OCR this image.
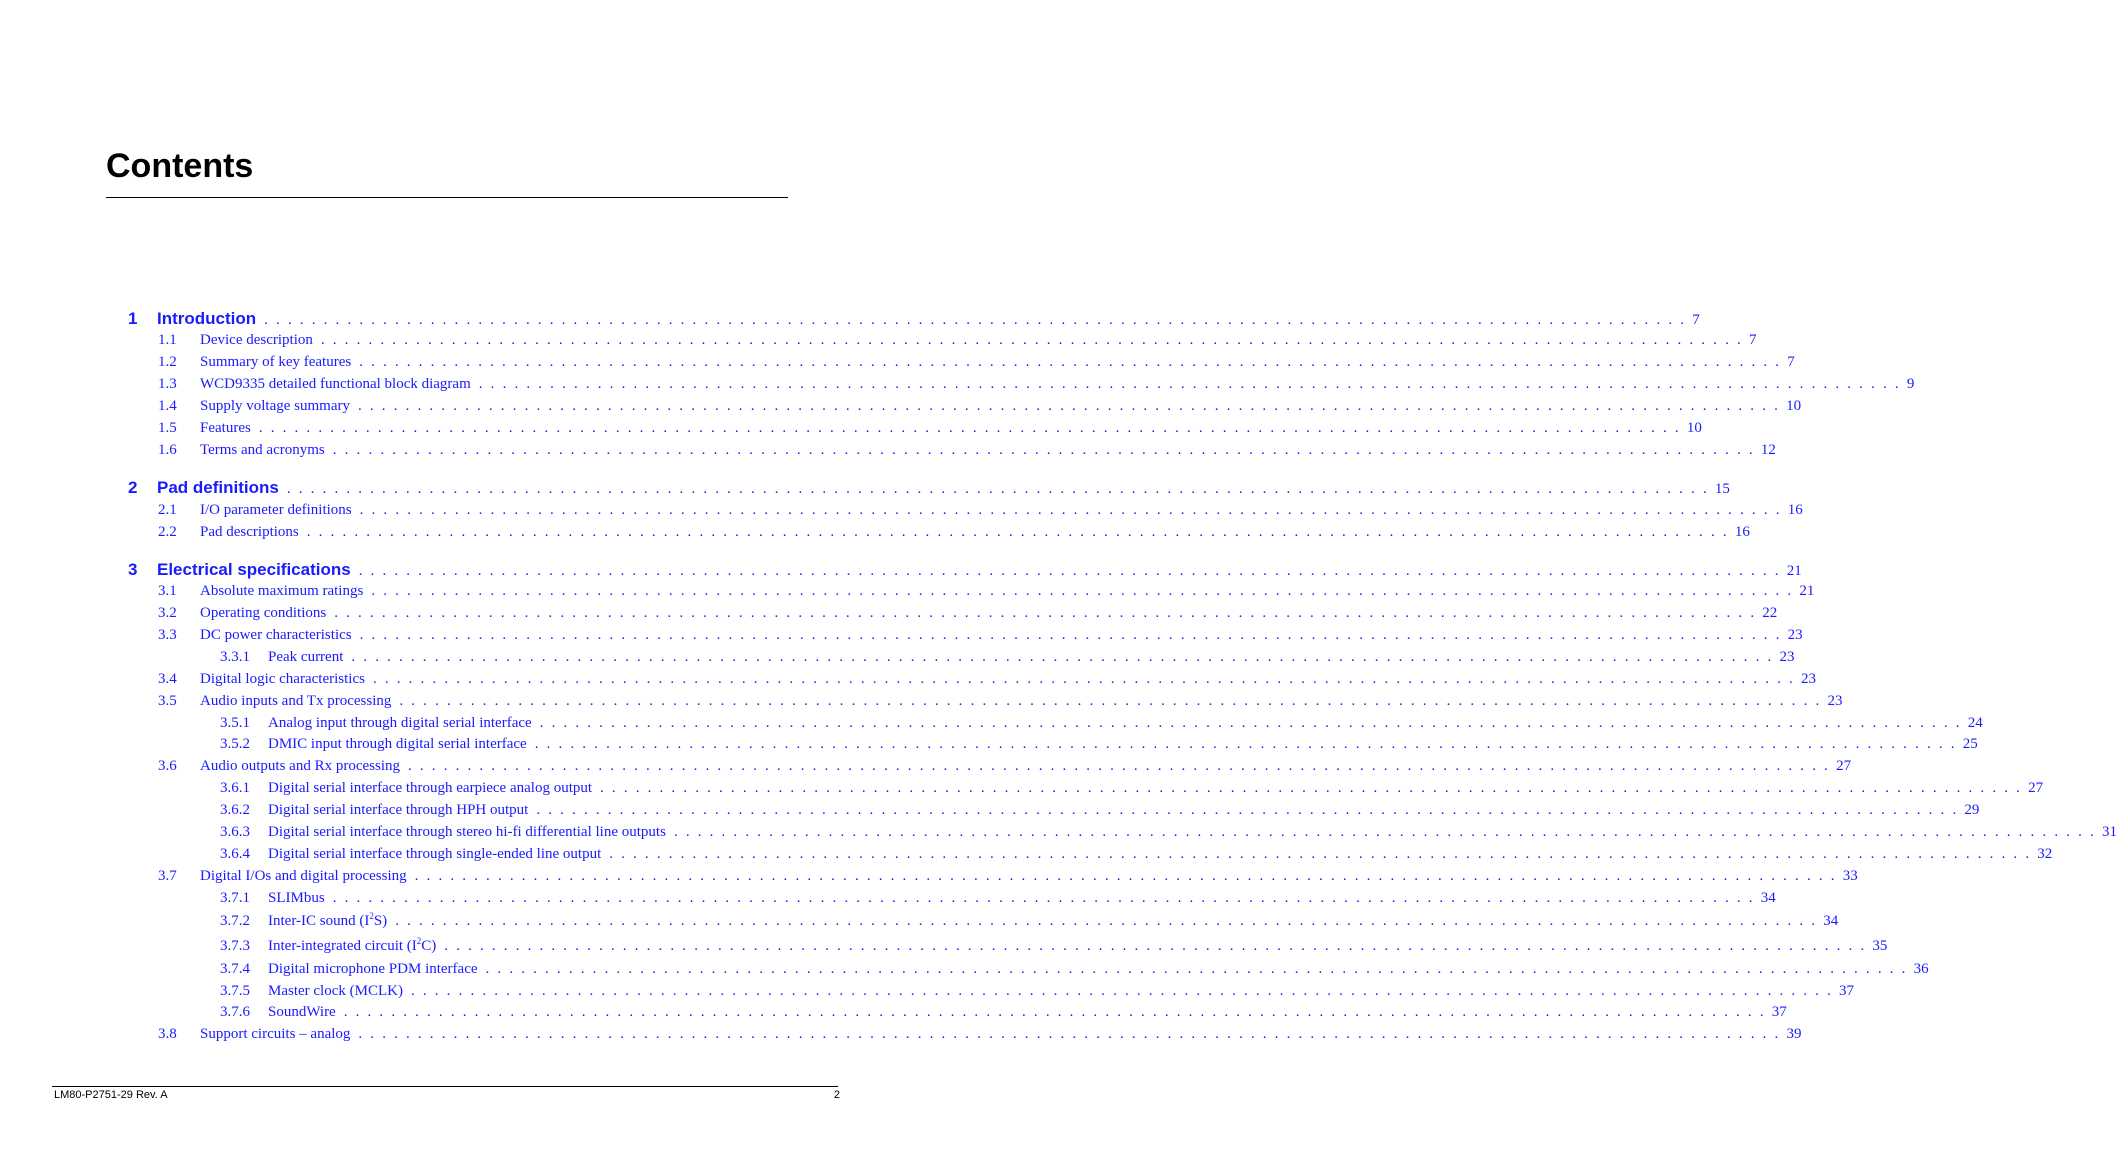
Contents
1	Introduction . . . . . . . . . . . . . . . . . . . . . . . . . . . . . . . . . . . . . . . . . . . . . . . . . . . . . . . . . . . . . . . . . . . . . . . . . . . . . . . . . . . . . . . . . . . . . . . . . . . . . . . . . . . . . . . . . . . . . . . . 7
1.1	Device description . . . . . . . . . . . . . . . . . . . . . . . . . . . . . . . . . . . . . . . . . . . . . . . . . . . . . . . . . . . . . . . . . . . . . . . . . . . . . . . . . . . . . . . . . . . . . . . . . . . . . . . . . . . . . . . . . . . . . . . . 7
1.2	Summary of key features . . . . . . . . . . . . . . . . . . . . . . . . . . . . . . . . . . . . . . . . . . . . . . . . . . . . . . . . . . . . . . . . . . . . . . . . . . . . . . . . . . . . . . . . . . . . . . . . . . . . . . . . . . . . . . . . . . . . . . . . 7
1.3	WCD9335 detailed functional block diagram . . . . . . . . . . . . . . . . . . . . . . . . . . . . . . . . . . . . . . . . . . . . . . . . . . . . . . . . . . . . . . . . . . . . . . . . . . . . . . . . . . . . . . . . . . . . . . . . . . . . . . . . . . . . . . . . . . . . . . . . 9
1.4	Supply voltage summary . . . . . . . . . . . . . . . . . . . . . . . . . . . . . . . . . . . . . . . . . . . . . . . . . . . . . . . . . . . . . . . . . . . . . . . . . . . . . . . . . . . . . . . . . . . . . . . . . . . . . . . . . . . . . . . . . . . . . . . . 10
1.5	Features . . . . . . . . . . . . . . . . . . . . . . . . . . . . . . . . . . . . . . . . . . . . . . . . . . . . . . . . . . . . . . . . . . . . . . . . . . . . . . . . . . . . . . . . . . . . . . . . . . . . . . . . . . . . . . . . . . . . . . . . 10
1.6	Terms and acronyms . . . . . . . . . . . . . . . . . . . . . . . . . . . . . . . . . . . . . . . . . . . . . . . . . . . . . . . . . . . . . . . . . . . . . . . . . . . . . . . . . . . . . . . . . . . . . . . . . . . . . . . . . . . . . . . . . . . . . . . . 12
2	Pad definitions . . . . . . . . . . . . . . . . . . . . . . . . . . . . . . . . . . . . . . . . . . . . . . . . . . . . . . . . . . . . . . . . . . . . . . . . . . . . . . . . . . . . . . . . . . . . . . . . . . . . . . . . . . . . . . . . . . . . . . . . 15
2.1	I/O parameter definitions . . . . . . . . . . . . . . . . . . . . . . . . . . . . . . . . . . . . . . . . . . . . . . . . . . . . . . . . . . . . . . . . . . . . . . . . . . . . . . . . . . . . . . . . . . . . . . . . . . . . . . . . . . . . . . . . . . . . . . . . 16
2.2	Pad descriptions . . . . . . . . . . . . . . . . . . . . . . . . . . . . . . . . . . . . . . . . . . . . . . . . . . . . . . . . . . . . . . . . . . . . . . . . . . . . . . . . . . . . . . . . . . . . . . . . . . . . . . . . . . . . . . . . . . . . . . . . 16
3	Electrical specifications . . . . . . . . . . . . . . . . . . . . . . . . . . . . . . . . . . . . . . . . . . . . . . . . . . . . . . . . . . . . . . . . . . . . . . . . . . . . . . . . . . . . . . . . . . . . . . . . . . . . . . . . . . . . . . . . . . . . . . . . 21
3.1	Absolute maximum ratings . . . . . . . . . . . . . . . . . . . . . . . . . . . . . . . . . . . . . . . . . . . . . . . . . . . . . . . . . . . . . . . . . . . . . . . . . . . . . . . . . . . . . . . . . . . . . . . . . . . . . . . . . . . . . . . . . . . . . . . . 21
3.2	Operating conditions . . . . . . . . . . . . . . . . . . . . . . . . . . . . . . . . . . . . . . . . . . . . . . . . . . . . . . . . . . . . . . . . . . . . . . . . . . . . . . . . . . . . . . . . . . . . . . . . . . . . . . . . . . . . . . . . . . . . . . . . 22
3.3	DC power characteristics . . . . . . . . . . . . . . . . . . . . . . . . . . . . . . . . . . . . . . . . . . . . . . . . . . . . . . . . . . . . . . . . . . . . . . . . . . . . . . . . . . . . . . . . . . . . . . . . . . . . . . . . . . . . . . . . . . . . . . . . 23
3.3.1	Peak current . . . . . . . . . . . . . . . . . . . . . . . . . . . . . . . . . . . . . . . . . . . . . . . . . . . . . . . . . . . . . . . . . . . . . . . . . . . . . . . . . . . . . . . . . . . . . . . . . . . . . . . . . . . . . . . . . . . . . . . . 23
3.4	Digital logic characteristics . . . . . . . . . . . . . . . . . . . . . . . . . . . . . . . . . . . . . . . . . . . . . . . . . . . . . . . . . . . . . . . . . . . . . . . . . . . . . . . . . . . . . . . . . . . . . . . . . . . . . . . . . . . . . . . . . . . . . . . . 23
3.5	Audio inputs and Tx processing . . . . . . . . . . . . . . . . . . . . . . . . . . . . . . . . . . . . . . . . . . . . . . . . . . . . . . . . . . . . . . . . . . . . . . . . . . . . . . . . . . . . . . . . . . . . . . . . . . . . . . . . . . . . . . . . . . . . . . . . 23
3.5.1	Analog input through digital serial interface . . . . . . . . . . . . . . . . . . . . . . . . . . . . . . . . . . . . . . . . . . . . . . . . . . . . . . . . . . . . . . . . . . . . . . . . . . . . . . . . . . . . . . . . . . . . . . . . . . . . . . . . . . . . . . . . . . . . . . . . 24
3.5.2	DMIC input through digital serial interface . . . . . . . . . . . . . . . . . . . . . . . . . . . . . . . . . . . . . . . . . . . . . . . . . . . . . . . . . . . . . . . . . . . . . . . . . . . . . . . . . . . . . . . . . . . . . . . . . . . . . . . . . . . . . . . . . . . . . . . . 25
3.6	Audio outputs and Rx processing . . . . . . . . . . . . . . . . . . . . . . . . . . . . . . . . . . . . . . . . . . . . . . . . . . . . . . . . . . . . . . . . . . . . . . . . . . . . . . . . . . . . . . . . . . . . . . . . . . . . . . . . . . . . . . . . . . . . . . . . 27
3.6.1	Digital serial interface through earpiece analog output . . . . . . . . . . . . . . . . . . . . . . . . . . . . . . . . . . . . . . . . . . . . . . . . . . . . . . . . . . . . . . . . . . . . . . . . . . . . . . . . . . . . . . . . . . . . . . . . . . . . . . . . . . . . . . . . . . . . . . . . 27
3.6.2	Digital serial interface through HPH output . . . . . . . . . . . . . . . . . . . . . . . . . . . . . . . . . . . . . . . . . . . . . . . . . . . . . . . . . . . . . . . . . . . . . . . . . . . . . . . . . . . . . . . . . . . . . . . . . . . . . . . . . . . . . . . . . . . . . . . . 29
3.6.3	Digital serial interface through stereo hi-fi differential line outputs . . . . . . . . . . . . . . . . . . . . . . . . . . . . . . . . . . . . . . . . . . . . . . . . . . . . . . . . . . . . . . . . . . . . . . . . . . . . . . . . . . . . . . . . . . . . . . . . . . . . . . . . . . . . . . . . . . . . . . . . 31
3.6.4	Digital serial interface through single-ended line output . . . . . . . . . . . . . . . . . . . . . . . . . . . . . . . . . . . . . . . . . . . . . . . . . . . . . . . . . . . . . . . . . . . . . . . . . . . . . . . . . . . . . . . . . . . . . . . . . . . . . . . . . . . . . . . . . . . . . . . . 32
3.7	Digital I/Os and digital processing . . . . . . . . . . . . . . . . . . . . . . . . . . . . . . . . . . . . . . . . . . . . . . . . . . . . . . . . . . . . . . . . . . . . . . . . . . . . . . . . . . . . . . . . . . . . . . . . . . . . . . . . . . . . . . . . . . . . . . . . 33
3.7.1	SLIMbus . . . . . . . . . . . . . . . . . . . . . . . . . . . . . . . . . . . . . . . . . . . . . . . . . . . . . . . . . . . . . . . . . . . . . . . . . . . . . . . . . . . . . . . . . . . . . . . . . . . . . . . . . . . . . . . . . . . . . . . . 34
3.7.2	Inter-IC sound $(I^2S)$ . . . . . . . . . . . . . . . . . . . . . . . . . . . . . . . . . . . . . . . . . . . . . . . . . . . . . . . . . . . . . . . . . . . . . . . . . . . . . . . . . . . . . . . . . . . . . . . . . . . . . . . . . . . . . . . . . . . . . . . . 34
3.7.3	Inter-integrated circuit $(I^2C)$ . . . . . . . . . . . . . . . . . . . . . . . . . . . . . . . . . . . . . . . . . . . . . . . . . . . . . . . . . . . . . . . . . . . . . . . . . . . . . . . . . . . . . . . . . . . . . . . . . . . . . . . . . . . . . . . . . . . . . . . . 35
3.7.4	Digital microphone PDM interface . . . . . . . . . . . . . . . . . . . . . . . . . . . . . . . . . . . . . . . . . . . . . . . . . . . . . . . . . . . . . . . . . . . . . . . . . . . . . . . . . . . . . . . . . . . . . . . . . . . . . . . . . . . . . . . . . . . . . . . . 36
3.7.5	Master clock (MCLK) . . . . . . . . . . . . . . . . . . . . . . . . . . . . . . . . . . . . . . . . . . . . . . . . . . . . . . . . . . . . . . . . . . . . . . . . . . . . . . . . . . . . . . . . . . . . . . . . . . . . . . . . . . . . . . . . . . . . . . . . 37
3.7.6	SoundWire . . . . . . . . . . . . . . . . . . . . . . . . . . . . . . . . . . . . . . . . . . . . . . . . . . . . . . . . . . . . . . . . . . . . . . . . . . . . . . . . . . . . . . . . . . . . . . . . . . . . . . . . . . . . . . . . . . . . . . . . 37
3.8	Support circuits – analog . . . . . . . . . . . . . . . . . . . . . . . . . . . . . . . . . . . . . . . . . . . . . . . . . . . . . . . . . . . . . . . . . . . . . . . . . . . . . . . . . . . . . . . . . . . . . . . . . . . . . . . . . . . . . . . . . . . . . . . . 39
LM80-P2751-29 Rev. A	2
